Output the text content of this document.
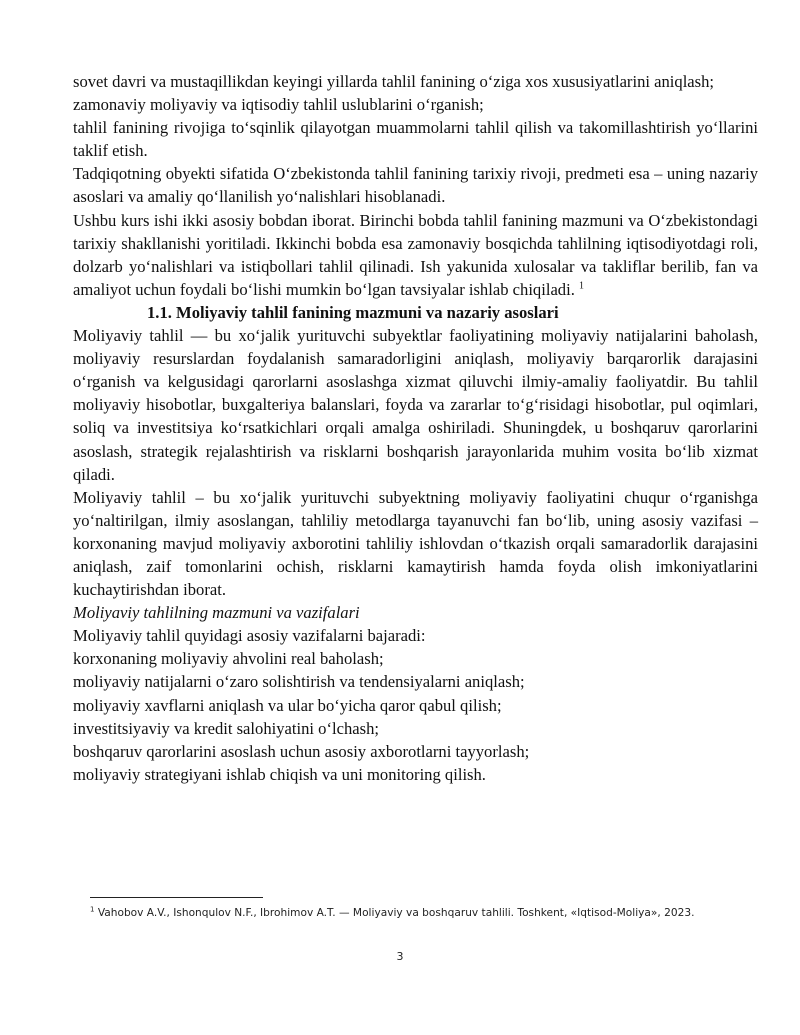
sovet davri va mustaqillikdan keyingi yillarda tahlil fanining o‘ziga xos xususiyatlarini aniqlash;

zamonaviy moliyaviy va iqtisodiy tahlil uslublarini o‘rganish;

tahlil fanining rivojiga to‘sqinlik qilayotgan muammolarni tahlil qilish va takomillashtirish yo‘llarini taklif etish.

Tadqiqotning obyekti sifatida O‘zbekistonda tahlil fanining tarixiy rivoji, predmeti esa – uning nazariy asoslari va amaliy qo‘llanilish yo‘nalishlari hisoblanadi.

Ushbu kurs ishi ikki asosiy bobdan iborat. Birinchi bobda tahlil fanining mazmuni va O‘zbekistondagi tarixiy shakllanishi yoritiladi. Ikkinchi bobda esa zamonaviy bosqichda tahlilning iqtisodiyotdagi roli, dolzarb yo‘nalishlari va istiqbollari tahlil qilinadi. Ish yakunida xulosalar va takliflar berilib, fan va amaliyot uchun foydali bo‘lishi mumkin bo‘lgan tavsiyalar ishlab chiqiladi. $^1$

1.1. Moliyaviy tahlil fanining mazmuni va nazariy asoslari

Moliyaviy tahlil — bu xo‘jalik yurituvchi subyektlar faoliyatining moliyaviy natijalarini baholash, moliyaviy resurslardan foydalanish samaradorligini aniqlash, moliyaviy barqarorlik darajasini o‘rganish va kelgusidagi qarorlarni asoslashga xizmat qiluvchi ilmiy-amaliy faoliyatdir. Bu tahlil moliyaviy hisobotlar, buxgalteriya balanslari, foyda va zararlar to‘g‘risidagi hisobotlar, pul oqimlari, soliq va investitsiya ko‘rsatkichlari orqali amalga oshiriladi. Shuningdek, u boshqaruv qarorlarini asoslash, strategik rejalashtirish va risklarni boshqarish jarayonlarida muhim vosita bo‘lib xizmat qiladi.

Moliyaviy tahlil – bu xo‘jalik yurituvchi subyektning moliyaviy faoliyatini chuqur o‘rganishga yo‘naltirilgan, ilmiy asoslangan, tahliliy metodlarga tayanuvchi fan bo‘lib, uning asosiy vazifasi – korxonaning mavjud moliyaviy axborotini tahliliy ishlovdan o‘tkazish orqali samaradorlik darajasini aniqlash, zaif tomonlarini ochish, risklarni kamaytirish hamda foyda olish imkoniyatlarini kuchaytirishdan iborat.

Moliyaviy tahlilning mazmuni va vazifalari

Moliyaviy tahlil quyidagi asosiy vazifalarni bajaradi:

korxonaning moliyaviy ahvolini real baholash;

moliyaviy natijalarni o‘zaro solishtirish va tendensiyalarni aniqlash;

moliyaviy xavflarni aniqlash va ular bo‘yicha qaror qabul qilish;

investitsiyaviy va kredit salohiyatini o‘lchash;

boshqaruv qarorlarini asoslash uchun asosiy axborotlarni tayyorlash;

moliyaviy strategiyani ishlab chiqish va uni monitoring qilish.

$^1$ Vahobov A.V., Ishonqulov N.F., Ibrohimov A.T. — Moliyaviy va boshqaruv tahlili. Toshkent, «Iqtisod-Moliya», 2023.
3
